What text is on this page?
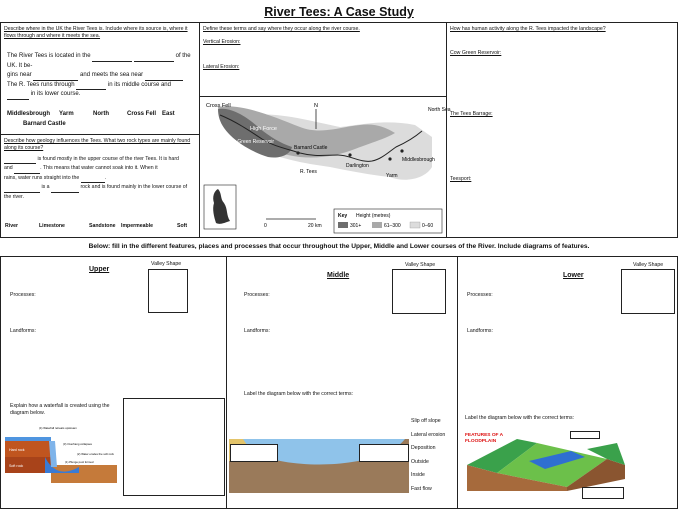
River Tees: A Case Study
Describe where in the UK the River Tees is. Include where its source is, where it flows through and where it meets the sea.
The River Tees is located in the	of the UK. It be-
gins near	and meets the sea near
The R. Tees runs through	in its middle course and
in its lower course.
Middlesbrough Yarm	North	Cross Fell East
Barnard Castle
Describe how geology influences the Tees. What two rock types are mainly found along its course?
is found mostly in the upper course of the river Tees. It is hard
and	. This means that water cannot soak into it. When it
rains, water runs straight into the	.
is a	rock and is found mainly in the lower course of
the river.
River	Limestone	Sandstone Impermeable	Soft
Define these terms and say where they occur along the river course.
Vertical Erosion:
Lateral Erosion:
Cross Fell
High Force
Cow Green Reservoir
Barnard Castle
R. Tees
Darlington
Yarm
Middlesbrough
North Sea
N
0	20 km
Key Height (metres)
301+	61–300	0–60
How has human activity along the R. Tees impacted the landscape?
Cow Green Reservoir:
The Tees Barrage:
Teesport:
Below: fill in the different features, places and processes that occur throughout the Upper, Middle and Lower courses of the River. Include diagrams of features.
Upper
Valley Shape
Processes:
Landforms:
Explain how a waterfall is created using the diagram below.
Hard rock
Soft rock
(4) Waterfall retreats upstream
(3) Overhang collapses
(2) Water erodes the soft rock
(1) Plunge pool formed
Middle
Valley Shape
Processes:
Landforms:
Label the diagram below with the correct terms:
Slip off slope
Lateral erosion
Deposition
Outside
Inside
Fast flow
Lower
Valley Shape
Processes:
Landforms:
Label the diagram below with the correct terms:
FEATURES OF A FLOODPLAIN
